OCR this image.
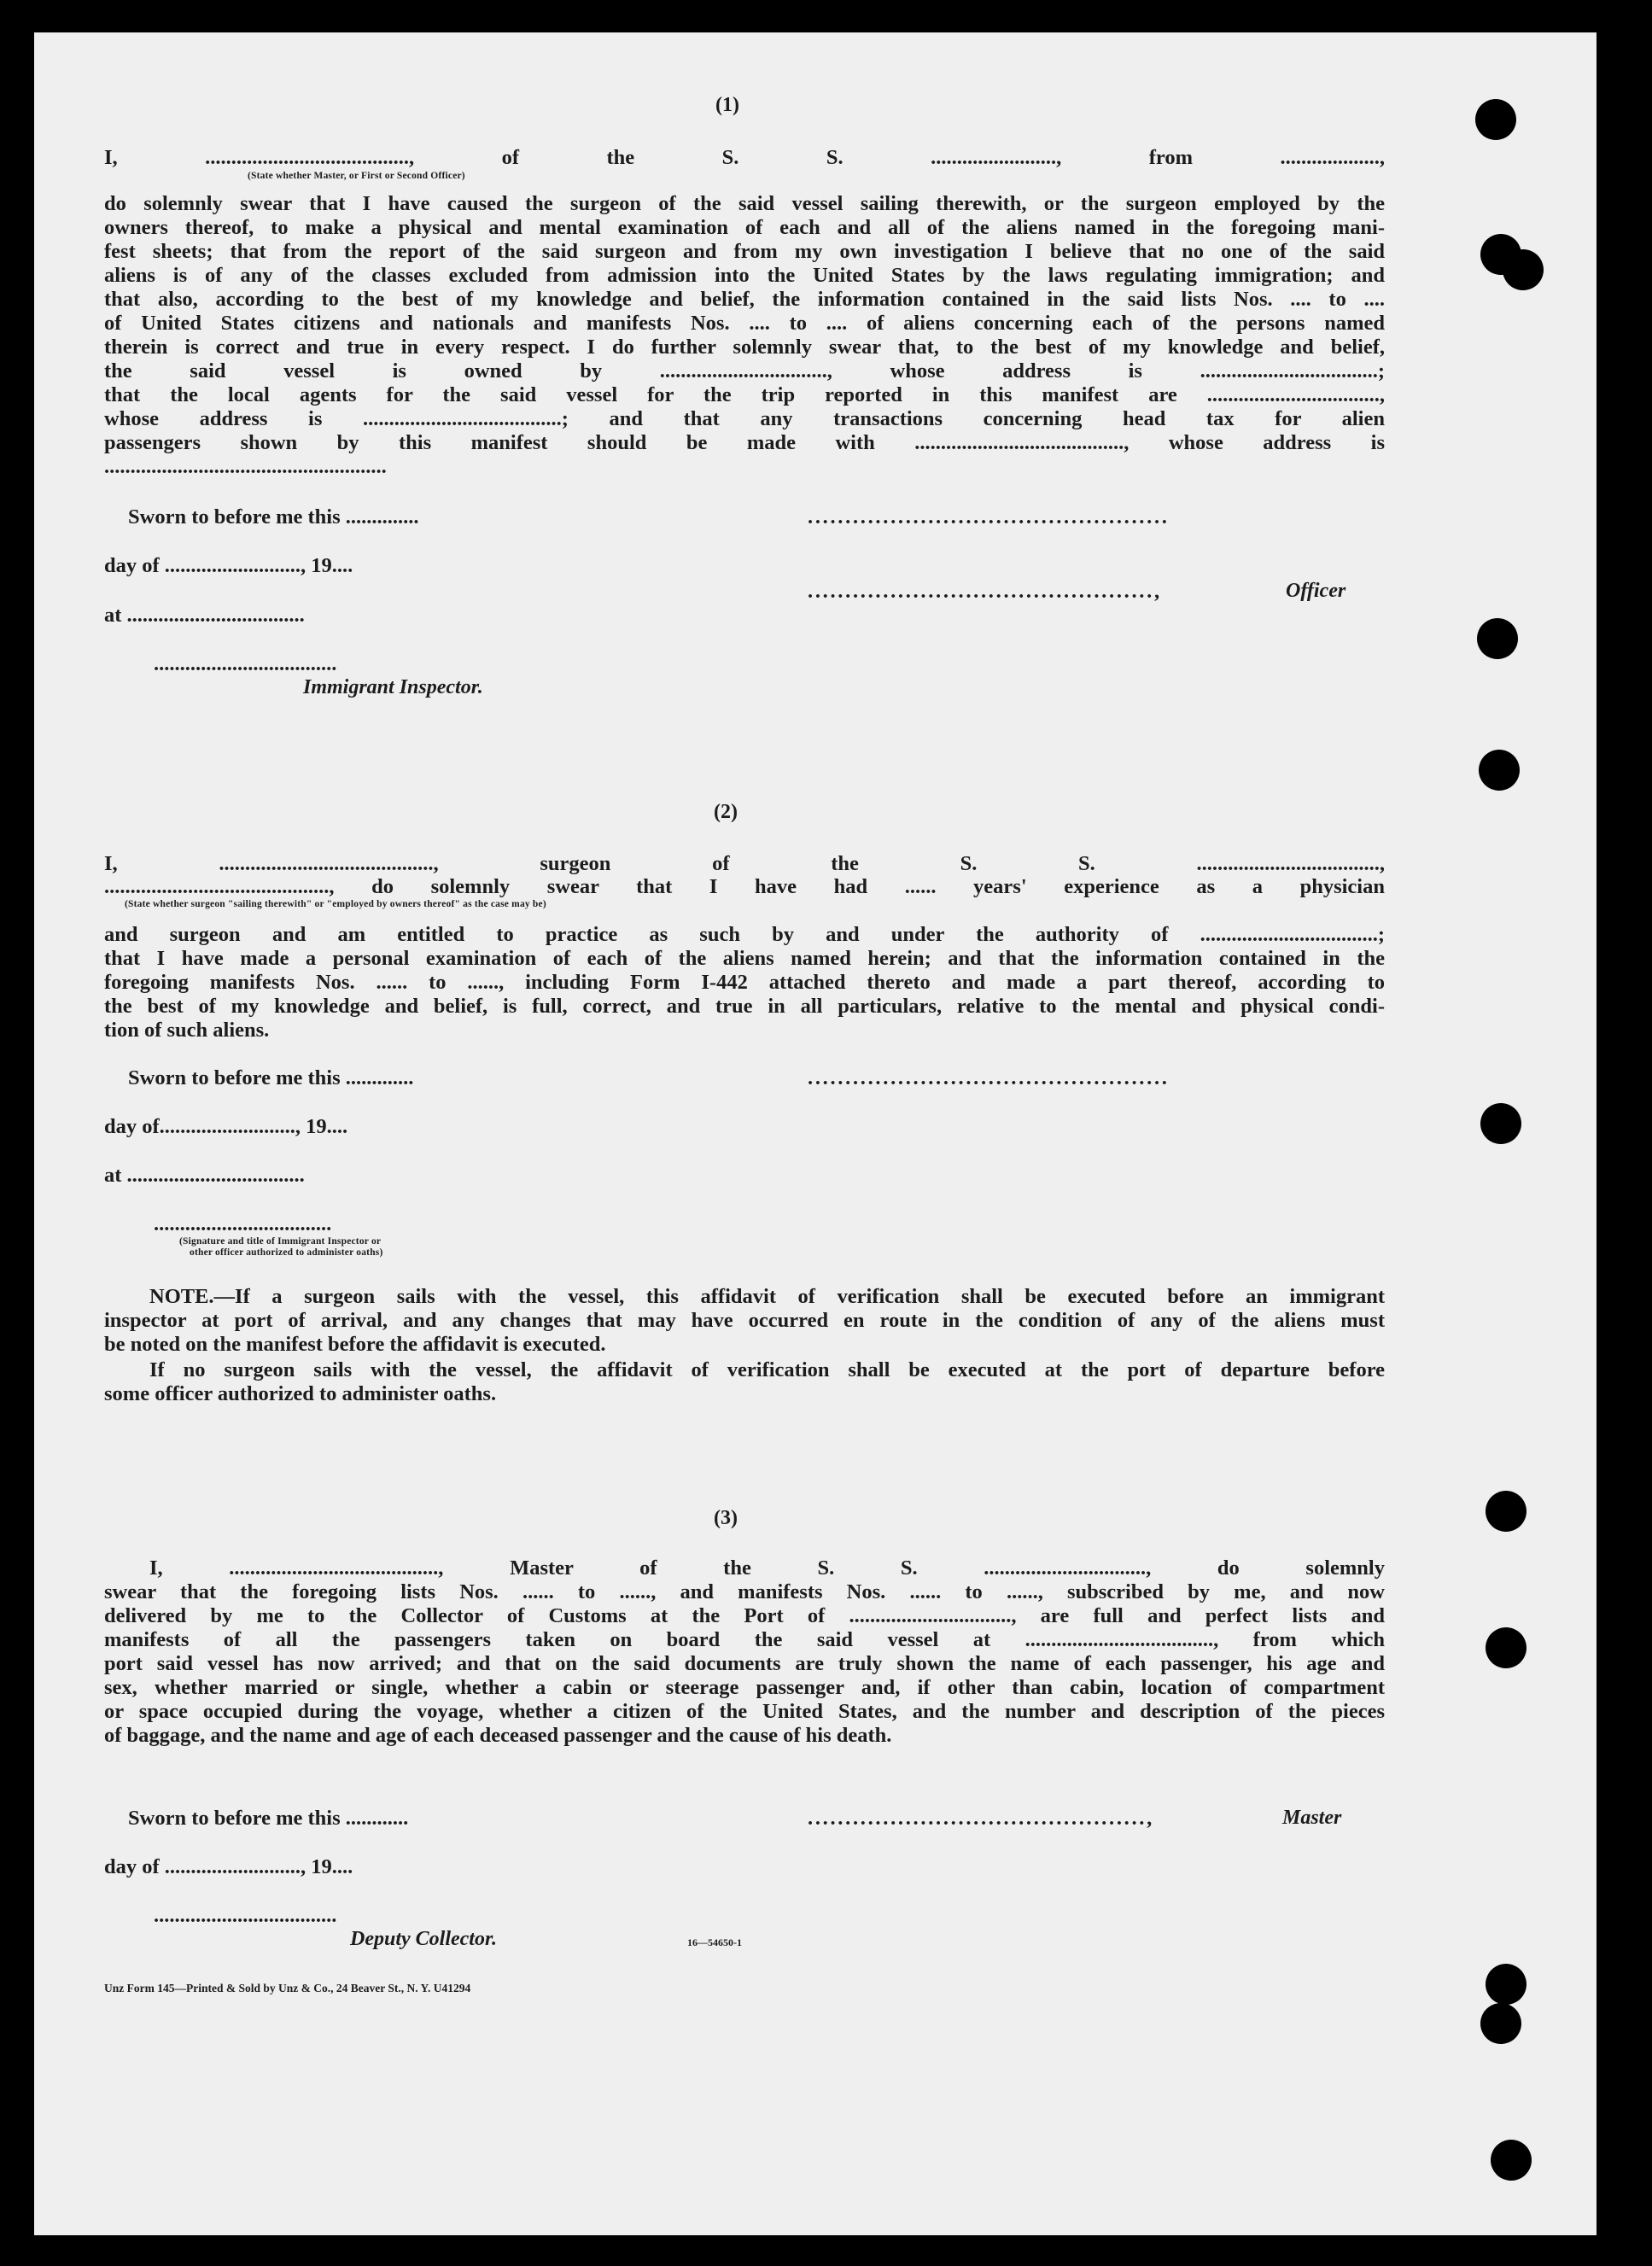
(1)

I, ......................................., of the S. S. ........................, from ...................,

(State whether Master, or First or Second Officer)

do solemnly swear that I have caused the surgeon of the said vessel sailing therewith, or the surgeon employed by the

owners thereof, to make a physical and mental examination of each and all of the aliens named in the foregoing mani-

fest sheets; that from the report of the said surgeon and from my own investigation I believe that no one of the said

aliens is of any of the classes excluded from admission into the United States by the laws regulating immigration; and

that also, according to the best of my knowledge and belief, the information contained in the said lists Nos. .... to ....

of United States citizens and nationals and manifests Nos. .... to .... of aliens concerning each of the persons named

therein is correct and true in every respect. I do further solemnly swear that, to the best of my knowledge and belief,

the said vessel is owned by ................................, whose address is ..................................;

that the local agents for the said vessel for the trip reported in this manifest are .................................,

whose address is ......................................; and that any transactions concerning head tax for alien

passengers shown by this manifest should be made with ........................................, whose address is

......................................................

Sworn to before me this ..............
day of .........................., 19....
at ..................................
...................................
Immigrant Inspector.
................................................
..............................................,	Officer
(2)

I, ........................................., surgeon of the S. S. ...................................,

..........................................., do solemnly swear that I have had ...... years' experience as a physician

(State whether surgeon "sailing therewith" or "employed by owners thereof" as the case may be)

and surgeon and am entitled to practice as such by and under the authority of ..................................;

that I have made a personal examination of each of the aliens named herein; and that the information contained in the

foregoing manifests Nos. ...... to ......, including Form I-442 attached thereto and made a part thereof, according to

the best of my knowledge and belief, is full, correct, and true in all particulars, relative to the mental and physical condi-

tion of such aliens.

Sworn to before me this .............
day of.........................., 19....
at ..................................
..................................
(Signature and title of Immigrant Inspector or
other officer authorized to administer oaths)
................................................

NOTE.—If a surgeon sails with the vessel, this affidavit of verification shall be executed before an immigrant

inspector at port of arrival, and any changes that may have occurred en route in the condition of any of the aliens must

be noted on the manifest before the affidavit is executed.

If no surgeon sails with the vessel, the affidavit of verification shall be executed at the port of departure before

some officer authorized to administer oaths.

(3)

I, ........................................, Master of the S. S. ..............................., do solemnly

swear that the foregoing lists Nos. ...... to ......, and manifests Nos. ...... to ......, subscribed by me, and now

delivered by me to the Collector of Customs at the Port of ..............................., are full and perfect lists and

manifests of all the passengers taken on board the said vessel at ...................................., from which

port said vessel has now arrived; and that on the said documents are truly shown the name of each passenger, his age and

sex, whether married or single, whether a cabin or steerage passenger and, if other than cabin, location of compartment

or space occupied during the voyage, whether a citizen of the United States, and the number and description of the pieces

of baggage, and the name and age of each deceased passenger and the cause of his death.

Sworn to before me this ............
day of .........................., 19....
...................................
Deputy Collector.
.............................................,	Master
16—54650-1
Unz Form 145—Printed & Sold by Unz & Co., 24 Beaver St., N. Y. U41294
